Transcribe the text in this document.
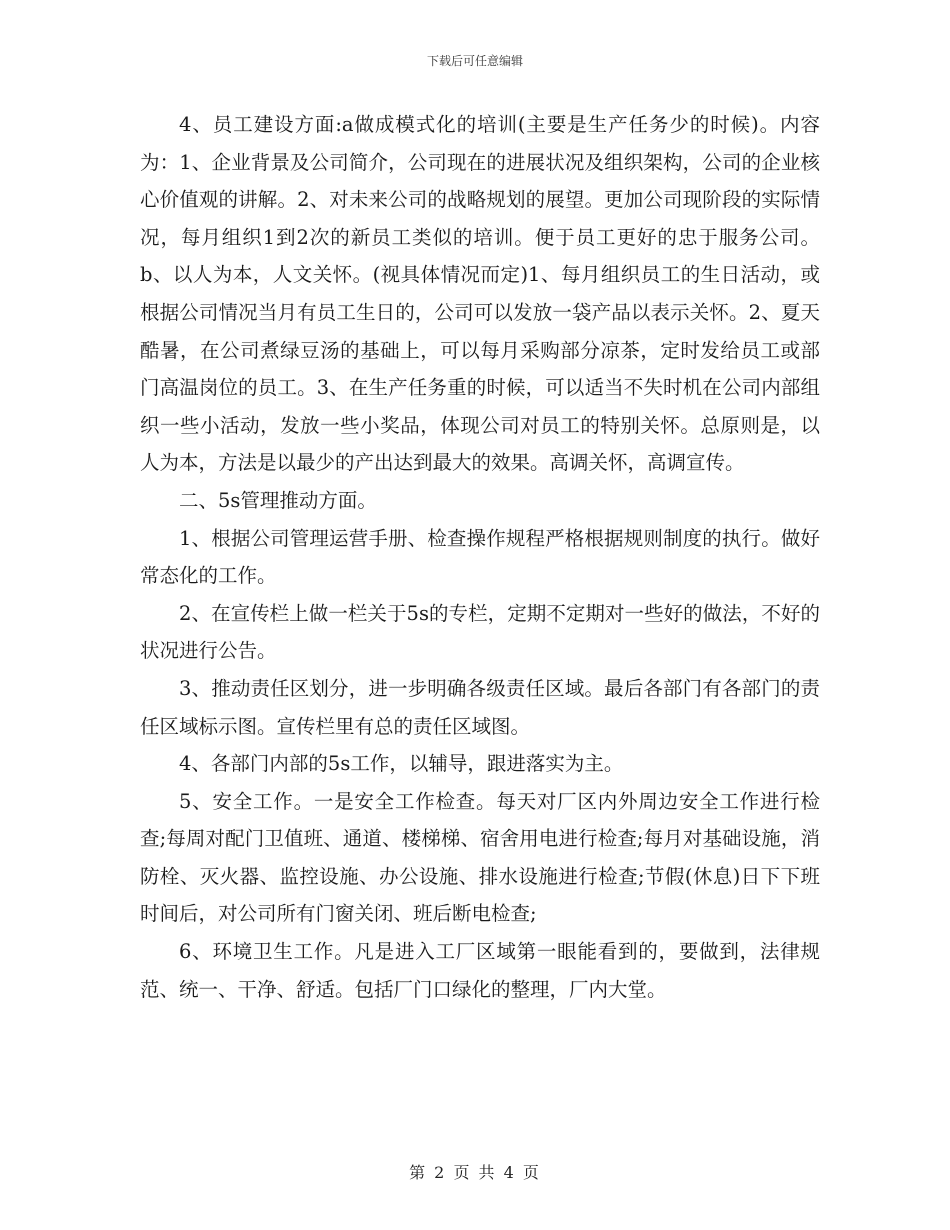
下载后可任意编辑

4、员工建设方面:a做成模式化的培训(主要是生产任务少的时候)。内容为：1、企业背景及公司简介，公司现在的进展状况及组织架构，公司的企业核心价值观的讲解。2、对未来公司的战略规划的展望。更加公司现阶段的实际情况，每月组织1到2次的新员工类似的培训。便于员工更好的忠于服务公司。b、以人为本，人文关怀。(视具体情况而定)1、每月组织员工的生日活动，或根据公司情况当月有员工生日的，公司可以发放一袋产品以表示关怀。2、夏天酷暑，在公司煮绿豆汤的基础上，可以每月采购部分凉茶，定时发给员工或部门高温岗位的员工。3、在生产任务重的时候，可以适当不失时机在公司内部组织一些小活动，发放一些小奖品，体现公司对员工的特别关怀。总原则是，以人为本，方法是以最少的产出达到最大的效果。高调关怀，高调宣传。

二、5s管理推动方面。

1、根据公司管理运营手册、检查操作规程严格根据规则制度的执行。做好常态化的工作。

2、在宣传栏上做一栏关于5s的专栏，定期不定期对一些好的做法，不好的状况进行公告。

3、推动责任区划分，进一步明确各级责任区域。最后各部门有各部门的责任区域标示图。宣传栏里有总的责任区域图。

4、各部门内部的5s工作，以辅导，跟进落实为主。

5、安全工作。一是安全工作检查。每天对厂区内外周边安全工作进行检查;每周对配门卫值班、通道、楼梯梯、宿舍用电进行检查;每月对基础设施，消防栓、灭火器、监控设施、办公设施、排水设施进行检查;节假(休息)日下下班时间后，对公司所有门窗关闭、班后断电检查;

6、环境卫生工作。凡是进入工厂区域第一眼能看到的，要做到，法律规范、统一、干净、舒适。包括厂门口绿化的整理，厂内大堂。

第 2 页 共 4 页
